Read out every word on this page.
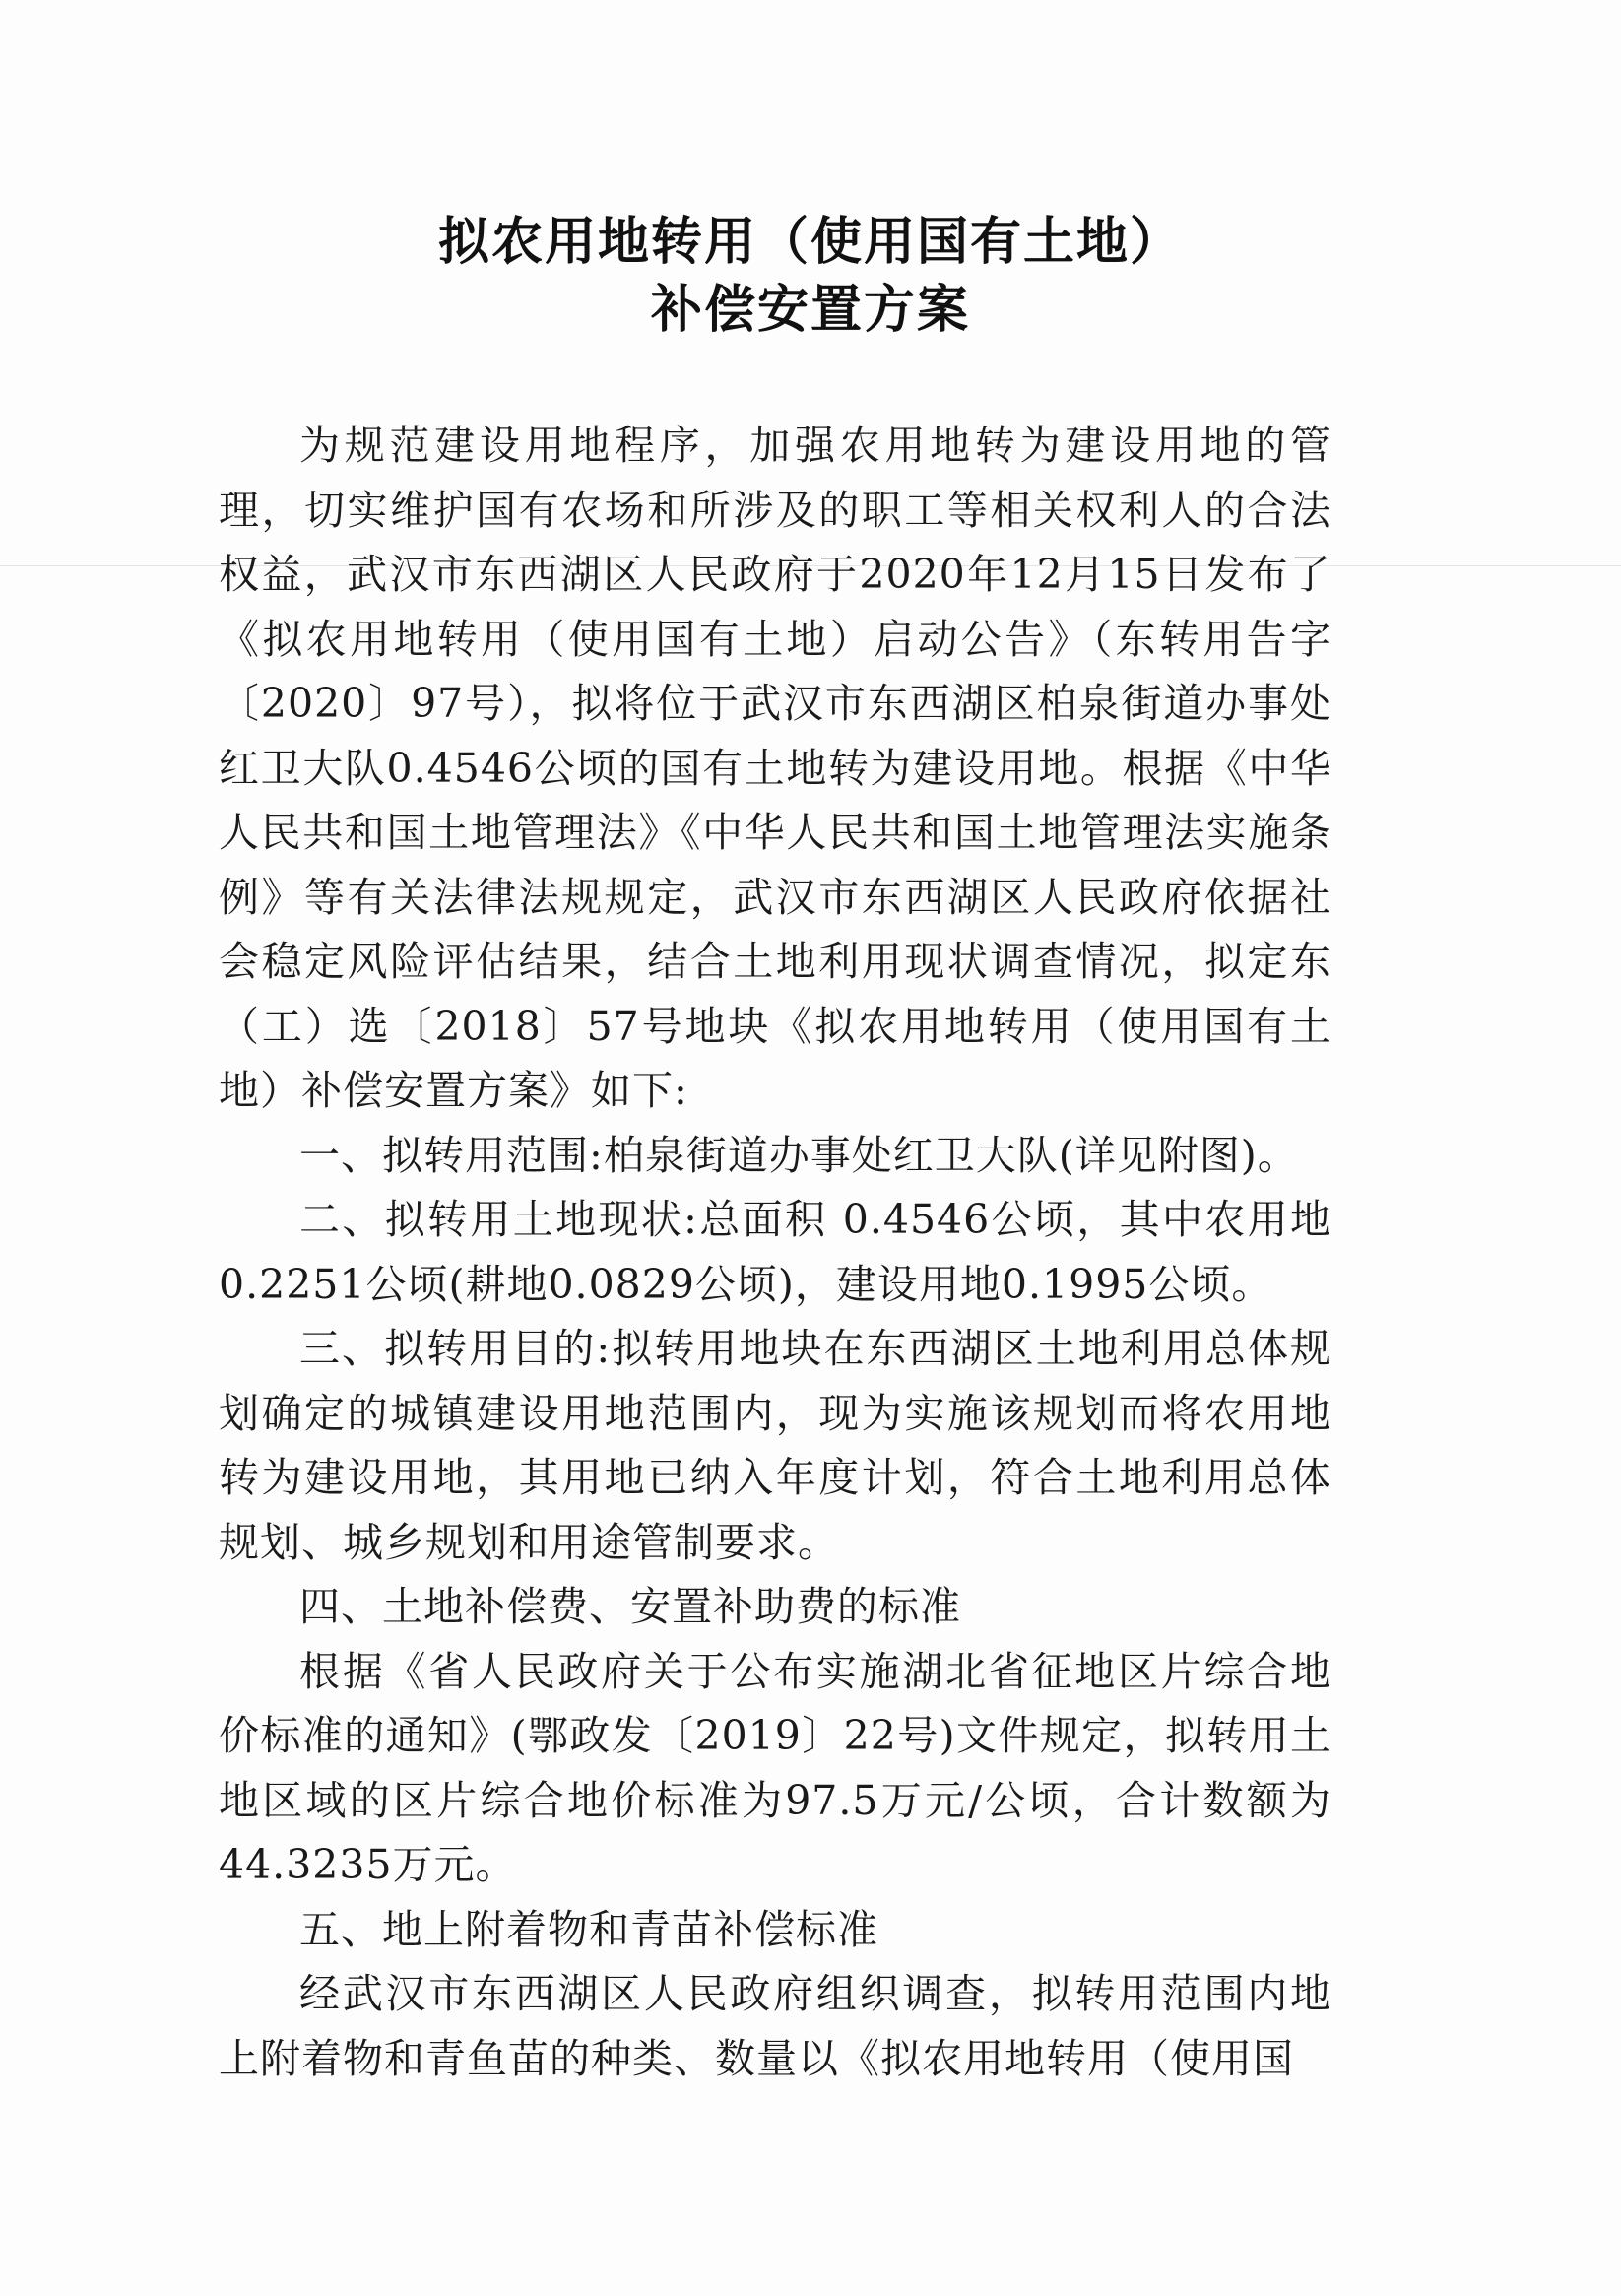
拟农用地转用（使用国有土地）
补偿安置方案

为规范建设用地程序，加强农用地转为建设用地的管理，切实维护国有农场和所涉及的职工等相关权利人的合法权益，武汉市东西湖区人民政府于2020年12月15日发布了《拟农用地转用（使用国有土地）启动公告》（东转用告字〔2020〕97号），拟将位于武汉市东西湖区柏泉街道办事处红卫大队0.4546公顷的国有土地转为建设用地。根据《中华人民共和国土地管理法》《中华人民共和国土地管理法实施条例》等有关法律法规规定，武汉市东西湖区人民政府依据社会稳定风险评估结果，结合土地利用现状调查情况，拟定东（工）选〔2018〕57号地块《拟农用地转用（使用国有土地）补偿安置方案》如下:

一、拟转用范围:柏泉街道办事处红卫大队(详见附图)。

二、拟转用土地现状:总面积 0.4546公顷，其中农用地0.2251公顷(耕地0.0829公顷)，建设用地0.1995公顷。

三、拟转用目的:拟转用地块在东西湖区土地利用总体规划确定的城镇建设用地范围内，现为实施该规划而将农用地转为建设用地，其用地已纳入年度计划，符合土地利用总体规划、城乡规划和用途管制要求。

四、土地补偿费、安置补助费的标准

根据《省人民政府关于公布实施湖北省征地区片综合地价标准的通知》(鄂政发〔2019〕22号)文件规定，拟转用土地区域的区片综合地价标准为97.5万元/公顷，合计数额为44.3235万元。

五、地上附着物和青苗补偿标准

经武汉市东西湖区人民政府组织调查，拟转用范围内地上附着物和青鱼苗的种类、数量以《拟农用地转用（使用国
